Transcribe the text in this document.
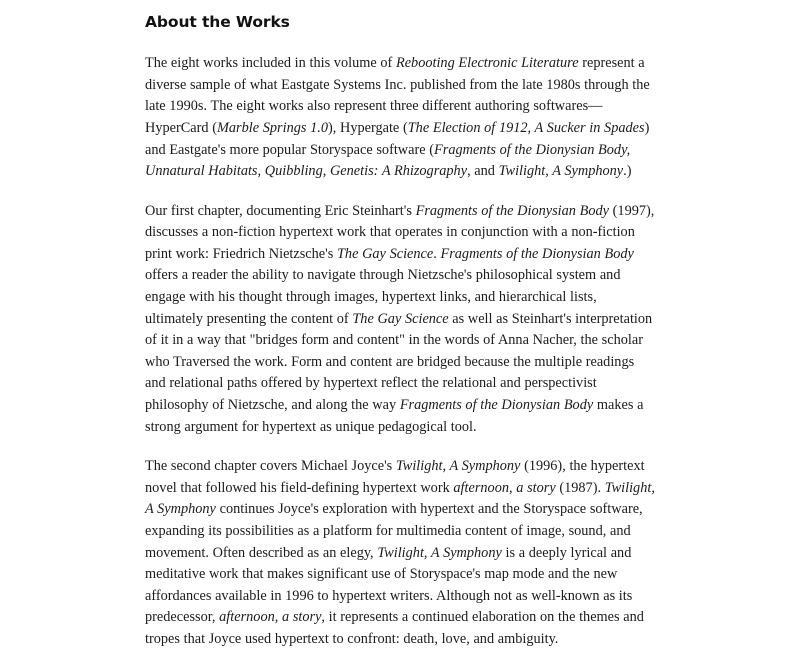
About the Works

The eight works included in this volume of Rebooting Electronic Literature represent a diverse sample of what Eastgate Systems Inc. published from the late 1980s through the late 1990s. The eight works also represent three different authoring softwares—HyperCard (Marble Springs 1.0), Hypergate (The Election of 1912, A Sucker in Spades) and Eastgate's more popular Storyspace software (Fragments of the Dionysian Body, Unnatural Habitats, Quibbling, Genetis: A Rhizography, and Twilight, A Symphony.)

Our first chapter, documenting Eric Steinhart's Fragments of the Dionysian Body (1997), discusses a non-fiction hypertext work that operates in conjunction with a non-fiction print work: Friedrich Nietzsche's The Gay Science. Fragments of the Dionysian Body offers a reader the ability to navigate through Nietzsche's philosophical system and engage with his thought through images, hypertext links, and hierarchical lists, ultimately presenting the content of The Gay Science as well as Steinhart's interpretation of it in a way that "bridges form and content" in the words of Anna Nacher, the scholar who Traversed the work. Form and content are bridged because the multiple readings and relational paths offered by hypertext reflect the relational and perspectivist philosophy of Nietzsche, and along the way Fragments of the Dionysian Body makes a strong argument for hypertext as unique pedagogical tool.

The second chapter covers Michael Joyce's Twilight, A Symphony (1996), the hypertext novel that followed his field-defining hypertext work afternoon, a story (1987). Twilight, A Symphony continues Joyce's exploration with hypertext and the Storyspace software, expanding its possibilities as a platform for multimedia content of image, sound, and movement. Often described as an elegy, Twilight, A Symphony is a deeply lyrical and meditative work that makes significant use of Storyspace's map mode and the new affordances available in 1996 to hypertext writers. Although not as well-known as its predecessor, afternoon, a story, it represents a continued elaboration on the themes and tropes that Joyce used hypertext to confront: death, love, and ambiguity.
